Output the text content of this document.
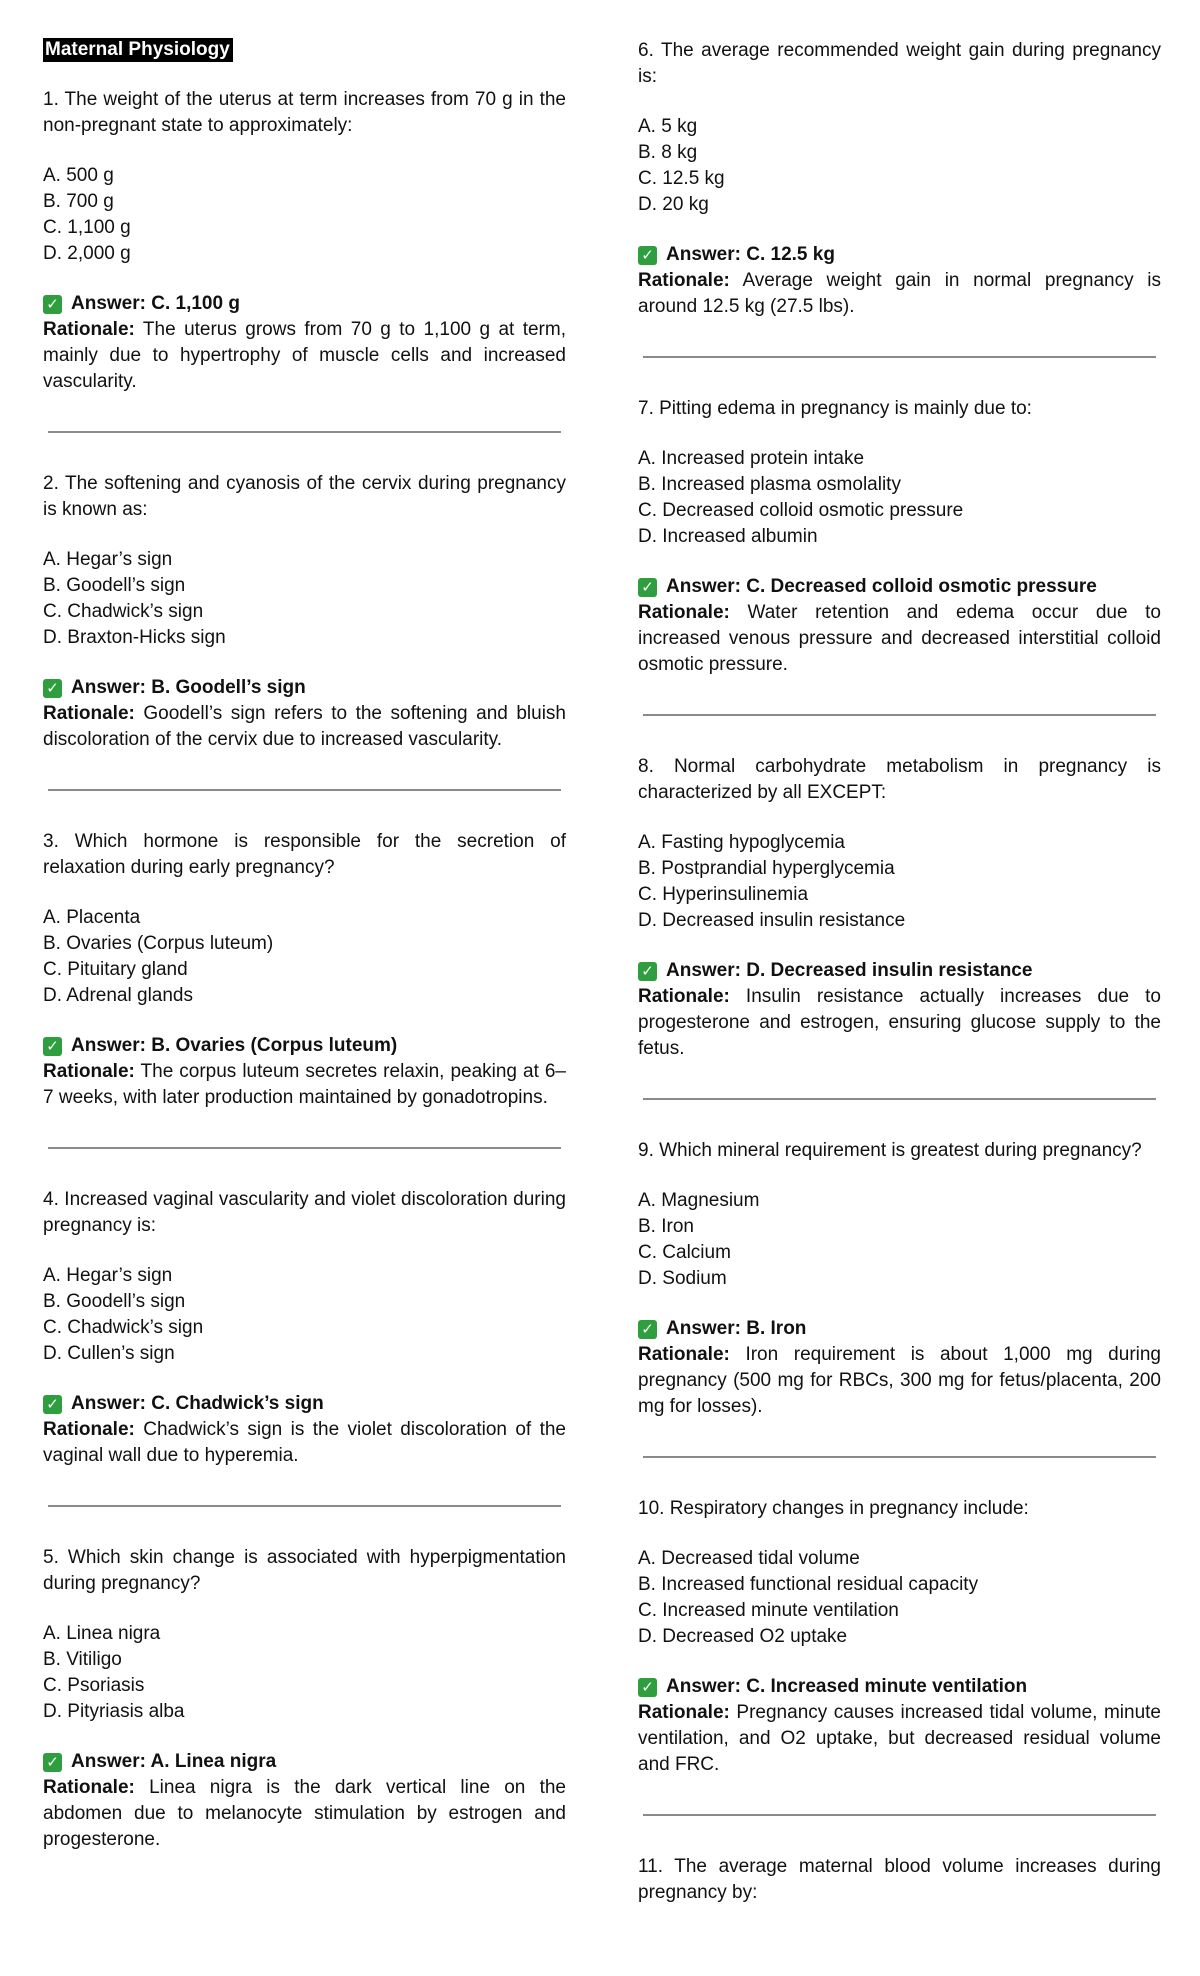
Maternal Physiology

1. The weight of the uterus at term increases from 70 g in the non-pregnant state to approximately:

A. 500 g
B. 700 g
C. 1,100 g
D. 2,000 g
✓ Answer: C. 1,100 g

Rationale: The uterus grows from 70 g to 1,100 g at term, mainly due to hypertrophy of muscle cells and increased vascularity.

2. The softening and cyanosis of the cervix during pregnancy is known as:

A. Hegar’s sign
B. Goodell’s sign
C. Chadwick’s sign
D. Braxton-Hicks sign
✓ Answer: B. Goodell’s sign

Rationale: Goodell’s sign refers to the softening and bluish discoloration of the cervix due to increased vascularity.

3. Which hormone is responsible for the secretion of relaxation during early pregnancy?

A. Placenta
B. Ovaries (Corpus luteum)
C. Pituitary gland
D. Adrenal glands
✓ Answer: B. Ovaries (Corpus luteum)

Rationale: The corpus luteum secretes relaxin, peaking at 6–7 weeks, with later production maintained by gonadotropins.

4. Increased vaginal vascularity and violet discoloration during pregnancy is:

A. Hegar’s sign
B. Goodell’s sign
C. Chadwick’s sign
D. Cullen’s sign
✓ Answer: C. Chadwick’s sign

Rationale: Chadwick’s sign is the violet discoloration of the vaginal wall due to hyperemia.

5. Which skin change is associated with hyperpigmentation during pregnancy?

A. Linea nigra
B. Vitiligo
C. Psoriasis
D. Pityriasis alba
✓ Answer: A. Linea nigra

Rationale: Linea nigra is the dark vertical line on the abdomen due to melanocyte stimulation by estrogen and progesterone.

6. The average recommended weight gain during pregnancy is:

A. 5 kg
B. 8 kg
C. 12.5 kg
D. 20 kg
✓ Answer: C. 12.5 kg

Rationale: Average weight gain in normal pregnancy is around 12.5 kg (27.5 lbs).

7. Pitting edema in pregnancy is mainly due to:

A. Increased protein intake
B. Increased plasma osmolality
C. Decreased colloid osmotic pressure
D. Increased albumin
✓ Answer: C. Decreased colloid osmotic pressure

Rationale: Water retention and edema occur due to increased venous pressure and decreased interstitial colloid osmotic pressure.

8. Normal carbohydrate metabolism in pregnancy is characterized by all EXCEPT:

A. Fasting hypoglycemia
B. Postprandial hyperglycemia
C. Hyperinsulinemia
D. Decreased insulin resistance
✓ Answer: D. Decreased insulin resistance

Rationale: Insulin resistance actually increases due to progesterone and estrogen, ensuring glucose supply to the fetus.

9. Which mineral requirement is greatest during pregnancy?

A. Magnesium
B. Iron
C. Calcium
D. Sodium
✓ Answer: B. Iron

Rationale: Iron requirement is about 1,000 mg during pregnancy (500 mg for RBCs, 300 mg for fetus/placenta, 200 mg for losses).

10. Respiratory changes in pregnancy include:

A. Decreased tidal volume
B. Increased functional residual capacity
C. Increased minute ventilation
D. Decreased O2 uptake
✓ Answer: C. Increased minute ventilation

Rationale: Pregnancy causes increased tidal volume, minute ventilation, and O2 uptake, but decreased residual volume and FRC.

11. The average maternal blood volume increases during pregnancy by:
